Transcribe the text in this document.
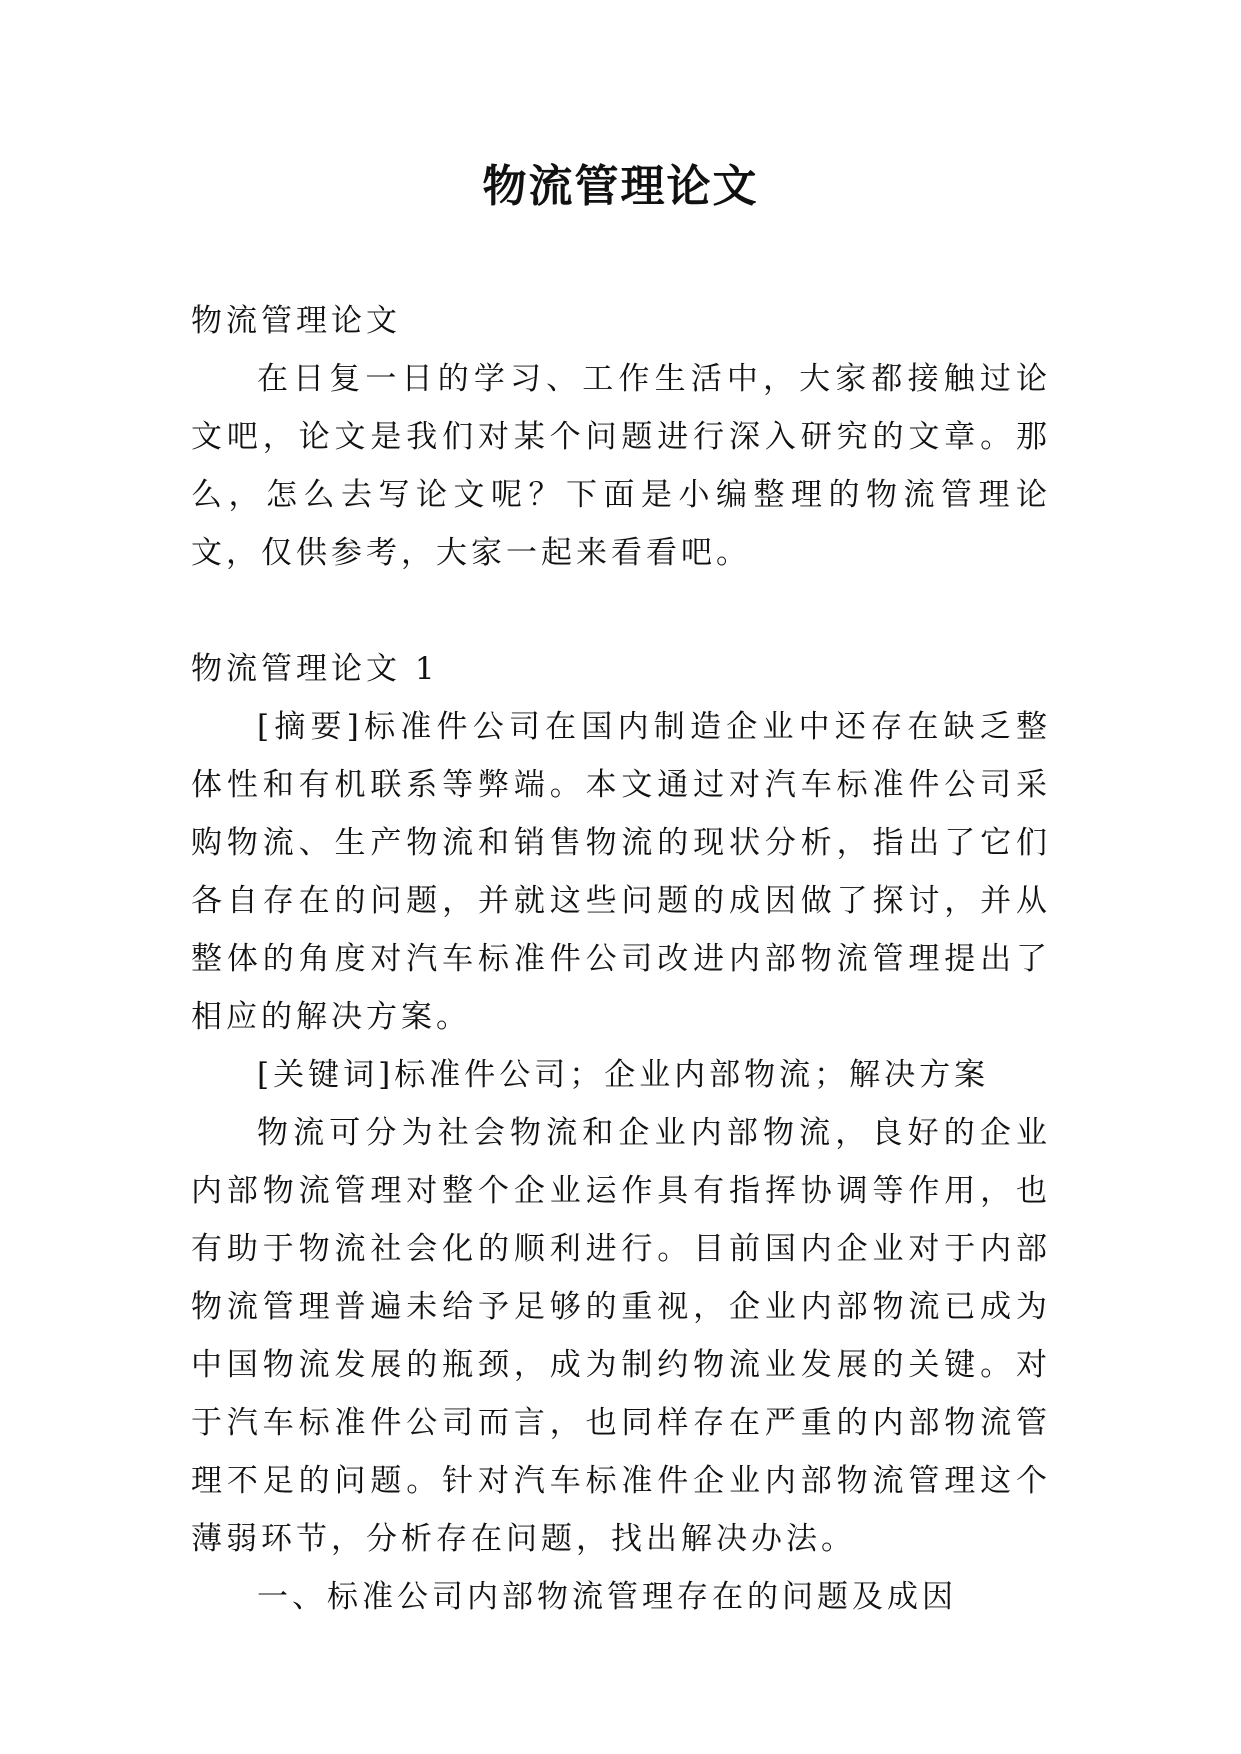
物流管理论文

物流管理论文

在日复一日的学习、工作生活中，大家都接触过论文吧，论文是我们对某个问题进行深入研究的文章。那么，怎么去写论文呢？下面是小编整理的物流管理论文，仅供参考，大家一起来看看吧。

物流管理论文 1

[摘要]标准件公司在国内制造企业中还存在缺乏整体性和有机联系等弊端。本文通过对汽车标准件公司采购物流、生产物流和销售物流的现状分析，指出了它们各自存在的问题，并就这些问题的成因做了探讨，并从整体的角度对汽车标准件公司改进内部物流管理提出了相应的解决方案。

[关键词]标准件公司；企业内部物流；解决方案

物流可分为社会物流和企业内部物流，良好的企业内部物流管理对整个企业运作具有指挥协调等作用，也有助于物流社会化的顺利进行。目前国内企业对于内部物流管理普遍未给予足够的重视，企业内部物流已成为中国物流发展的瓶颈，成为制约物流业发展的关键。对于汽车标准件公司而言，也同样存在严重的内部物流管理不足的问题。针对汽车标准件企业内部物流管理这个薄弱环节，分析存在问题，找出解决办法。

一、标准公司内部物流管理存在的问题及成因
